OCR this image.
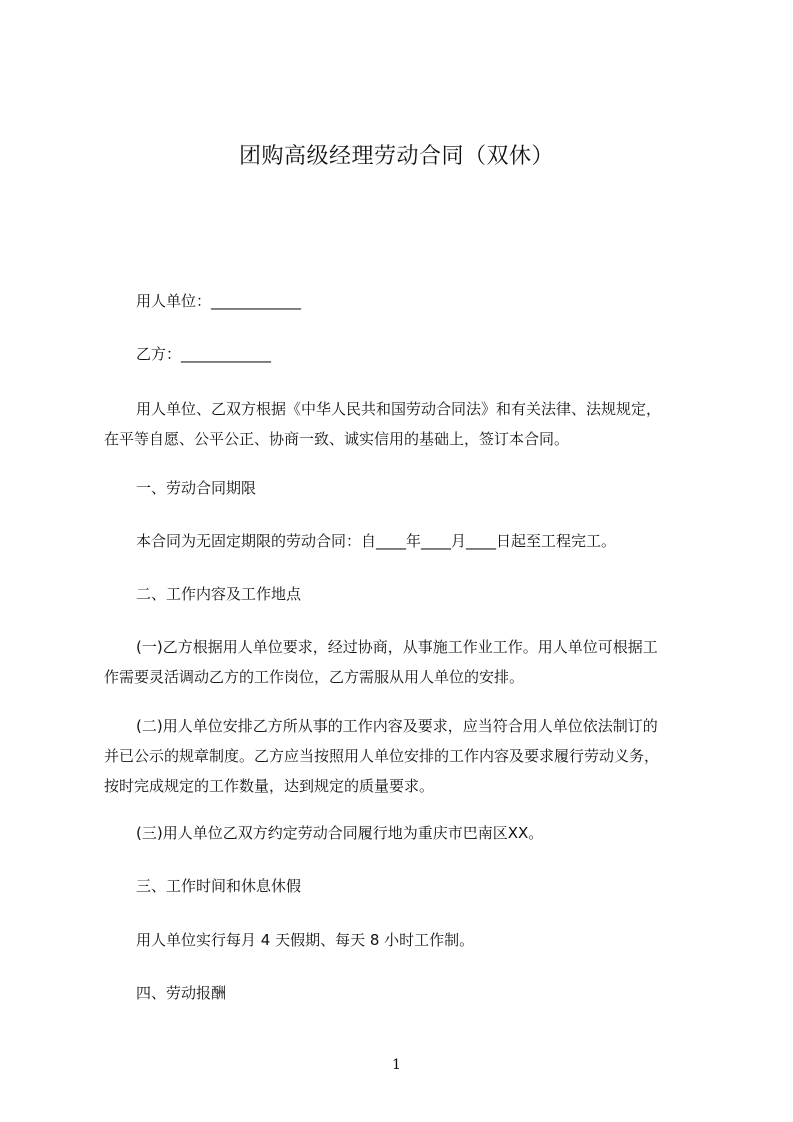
团购高级经理劳动合同（双休）
用人单位：____________
乙方：____________
用人单位、乙双方根据《中华人民共和国劳动合同法》和有关法律、法规规定，
在平等自愿、公平公正、协商一致、诚实信用的基础上，签订本合同。
一、劳动合同期限
本合同为无固定期限的劳动合同：自____年____月____日起至工程完工。
二、工作内容及工作地点
(一)乙方根据用人单位要求，经过协商，从事施工作业工作。用人单位可根据工
作需要灵活调动乙方的工作岗位，乙方需服从用人单位的安排。
(二)用人单位安排乙方所从事的工作内容及要求，应当符合用人单位依法制订的
并已公示的规章制度。乙方应当按照用人单位安排的工作内容及要求履行劳动义务，
按时完成规定的工作数量，达到规定的质量要求。
(三)用人单位乙双方约定劳动合同履行地为重庆市巴南区XX。
三、工作时间和休息休假
用人单位实行每月 4 天假期、每天 8 小时工作制。
四、劳动报酬
1
